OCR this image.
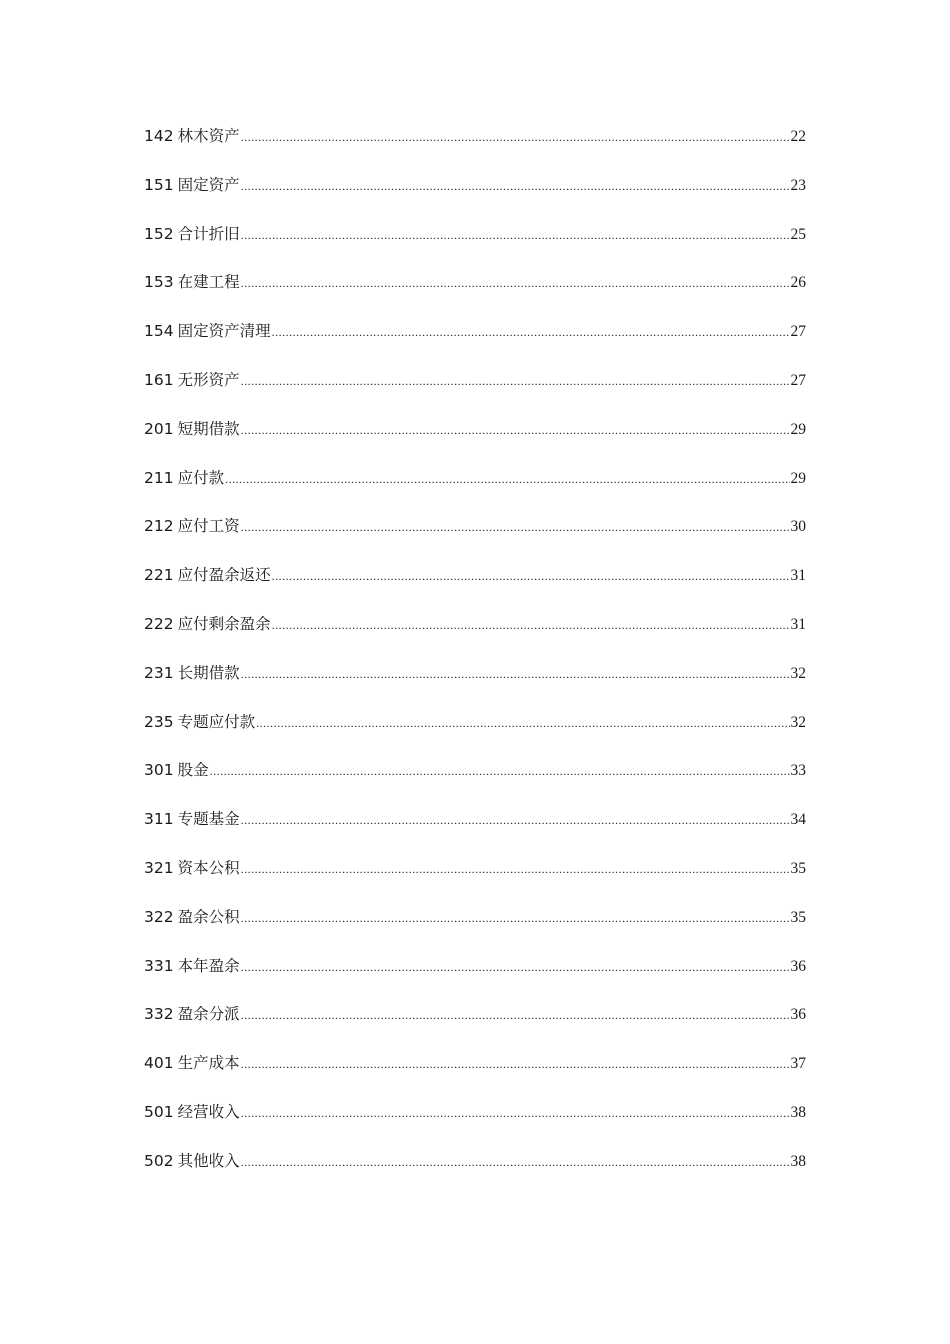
142 林木资产 .....	22
151 固定资产 .....	23
152 合计折旧 .....	25
153 在建工程 .....	26
154 固定资产清理 .....	27
161 无形资产 .....	27
201 短期借款 .....	29
211 应付款 .....	29
212 应付工资 .....	30
221 应付盈余返还 .....	31
222 应付剩余盈余 .....	31
231 长期借款 .....	32
235 专题应付款 .....	32
301 股金 .....	33
311 专题基金 .....	34
321 资本公积 .....	35
322 盈余公积 .....	35
331 本年盈余 .....	36
332 盈余分派 .....	36
401 生产成本 .....	37
501 经营收入 .....	38
502 其他收入 .....	38
